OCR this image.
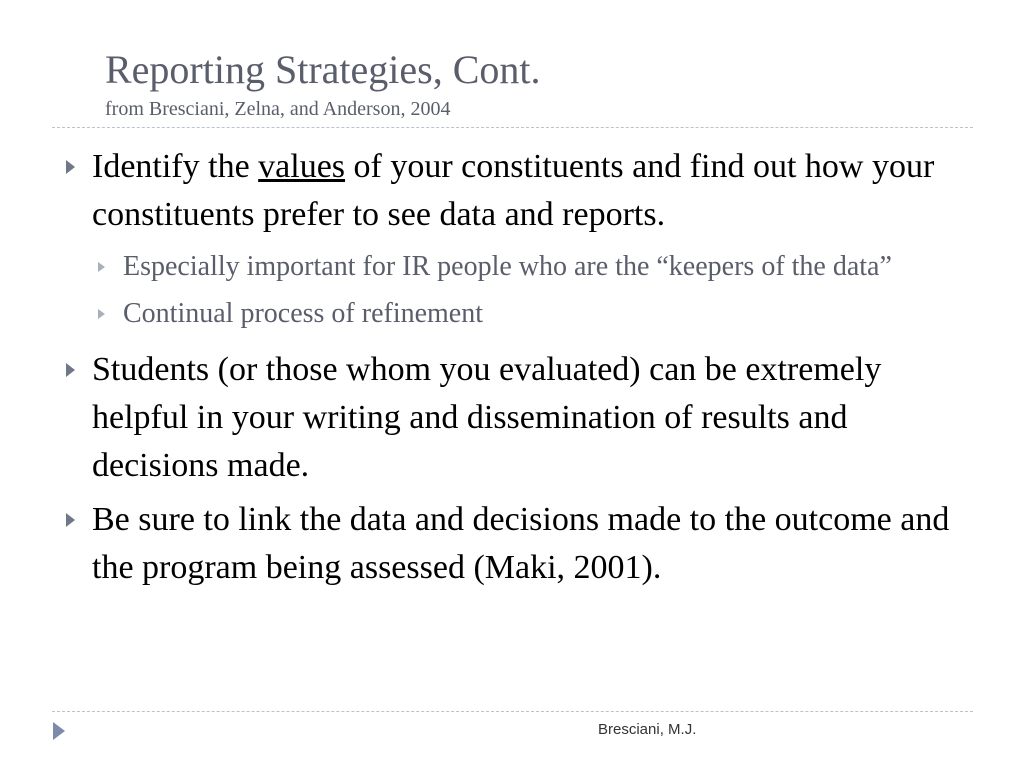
Reporting Strategies, Cont.
from Bresciani, Zelna, and Anderson, 2004
Identify the values of your constituents and find out how your constituents prefer to see data and reports.
Especially important for IR people who are the “keepers of the data”
Continual process of refinement
Students (or those whom you evaluated) can be extremely helpful in your writing and dissemination of results and decisions made.
Be sure to link the data and decisions made to the outcome and the program being assessed (Maki, 2001).
Bresciani, M.J.
